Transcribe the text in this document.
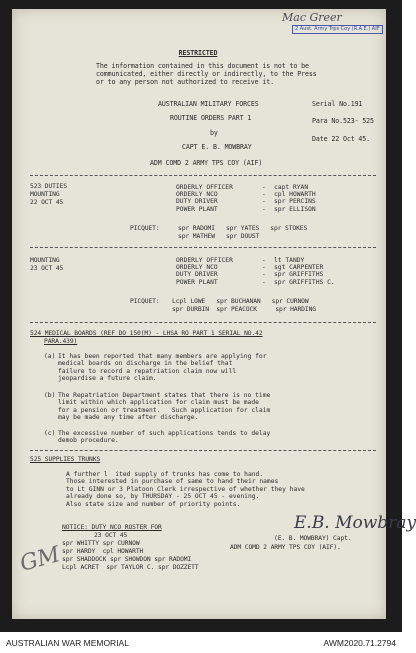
Mac Greer
2 Aust. Army Trps Coy (R.A.E.) AIF
RESTRICTED
The information contained in this document is not to be
communicated, either directly or indirectly, to the Press
or to any person not authorized to receive it.
AUSTRALIAN MILITARY FORCES
ROUTINE ORDERS PART 1
by
CAPT E. B. MOWBRAY
ADM COMD 2 ARMY TPS COY (AIF)
Serial No.191
Para No.523- 525
Date 22 Oct 45.
523 DUTIES
MOUNTING
22 OCT 45
ORDERLY OFFICER	-	capt RYAN
ORDERLY NCO	-	cpl HOWARTH
DUTY DRIVER	-	spr PERCINS
POWER PLANT	-	spr ELLISON
PICQUET:	spr RADOMI   spr YATES   spr STOKES
spr MATHEW   spr DOUST
MOUNTING
23 OCT 45
ORDERLY OFFICER	-	lt TANDY
ORDERLY NCO	-	sgt CARPENTER
DUTY DRIVER	-	spr GRIFFITHS
POWER PLANT	-	spr GRIFFITHS C.
PICQUET: Lcpl LOWE   spr BUCHANAN   spr CURNOW
spr DURBIN  spr PEACOCK     spr HARDING
524 MEDICAL BOARDS (REF DO 150(M) - LHSA RO PART 1 SERIAL NO.42
PARA.439)
(a) It has been reported that many members are applying for
medical boards on discharge in the belief that
failure to record a repatriation claim now will
jeopardise a future claim.
(b) The Repatriation Department states that there is no time
limit within which application for claim must be made
for a pension or treatment.   Such application for claim
may be made any time after discharge.
(c) The excessive number of such applications tends to delay
demob procedure.
525 SUPPLIES TRUNKS
A further l  ited supply of trunks has come to hand.
Those interested in purchase of same to hand their names
to Lt GINN or 3 Platoon Clerk irrespective of whether they have
already done so, by THURSDAY - 25 OCT 45 - evening.
Also state size and number of priority points.
NOTICE: DUTY NCO ROSTER FOR
23 OCT 45
spr WHITTY spr CURNOW
spr HARDY  cpl HOWARTH
spr SHADDOCK spr SHOWDON spr RADOMI
Lcpl ACRET  spr TAYLOR C. spr DOZZETT
E.B. Mowbray
(E. B. MOWBRAY) Capt.
ADM COMD 2 ARMY TPS COY (AIF).
GM
AUSTRALIAN WAR MEMORIAL	AWM2020.71.2794
